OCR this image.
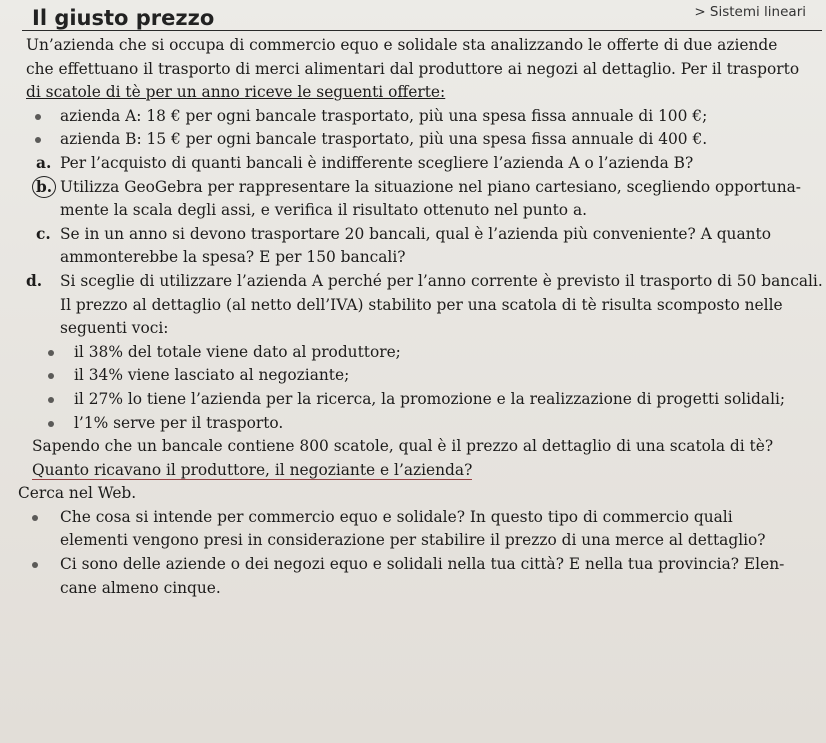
Il giusto prezzo	> Sistemi lineari
Un’azienda che si occupa di commercio equo e solidale sta analizzando le offerte di due aziende
che effettuano il trasporto di merci alimentari dal produttore ai negozi al dettaglio. Per il trasporto
di scatole di tè per un anno riceve le seguenti offerte:
azienda A: 18 € per ogni bancale trasportato, più una spesa fissa annuale di 100 €;
azienda B: 15 € per ogni bancale trasportato, più una spesa fissa annuale di 400 €.
a. Per l’acquisto di quanti bancali è indifferente scegliere l’azienda A o l’azienda B?
b. Utilizza GeoGebra per rappresentare la situazione nel piano cartesiano, scegliendo opportuna-
mente la scala degli assi, e verifica il risultato ottenuto nel punto a.
c. Se in un anno si devono trasportare 20 bancali, qual è l’azienda più conveniente? A quanto
ammonterebbe la spesa? E per 150 bancali?
d. Si sceglie di utilizzare l’azienda A perché per l’anno corrente è previsto il trasporto di 50 bancali.
Il prezzo al dettaglio (al netto dell’IVA) stabilito per una scatola di tè risulta scomposto nelle
seguenti voci:
il 38% del totale viene dato al produttore;
il 34% viene lasciato al negoziante;
il 27% lo tiene l’azienda per la ricerca, la promozione e la realizzazione di progetti solidali;
l’1% serve per il trasporto.
Sapendo che un bancale contiene 800 scatole, qual è il prezzo al dettaglio di una scatola di tè?
Quanto ricavano il produttore, il negoziante e l’azienda?
Cerca nel Web.
Che cosa si intende per commercio equo e solidale? In questo tipo di commercio quali
elementi vengono presi in considerazione per stabilire il prezzo di una merce al dettaglio?
Ci sono delle aziende o dei negozi equo e solidali nella tua città? E nella tua provincia? Elen-
cane almeno cinque.
